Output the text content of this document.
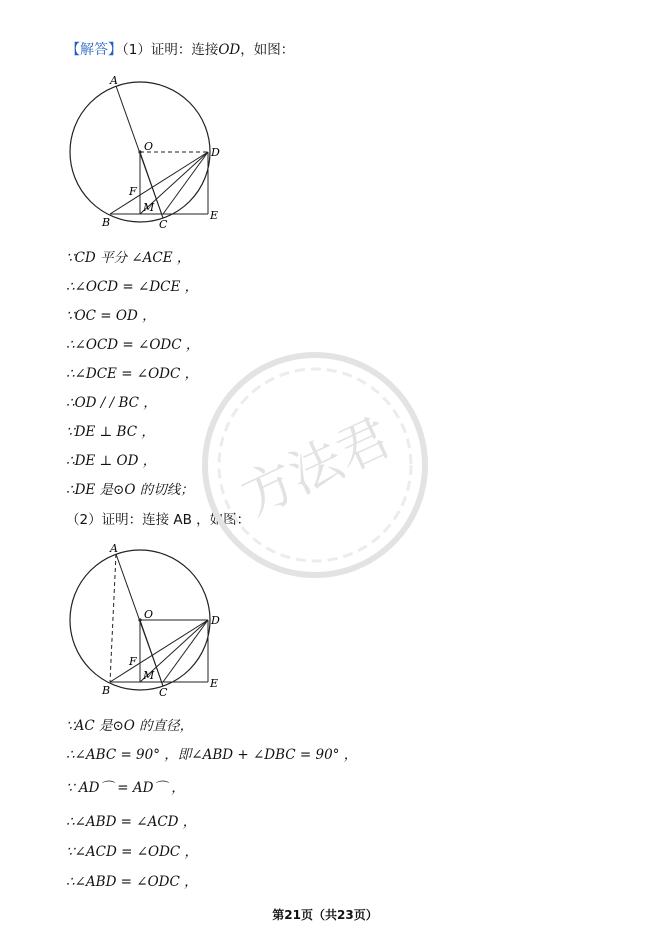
【解答】（1）证明：连接OD，如图：
A
O	D
F
B
M
C
E
∵CD 平分 ∠ACE ，
∴∠OCD = ∠DCE ，
∵OC = OD ，
∴∠OCD = ∠ODC ，
∴∠DCE = ∠ODC ，
∴OD / / BC ，
∵DE ⊥ BC ，
∴DE ⊥ OD ，
∴DE 是⊙O 的切线；
（2）证明：连接 AB ，如图：
A
O	D
F
B
M
C
E
∵AC 是⊙O 的直径，
∴∠ABC = 90° ，即∠ABD + ∠DBC = 90° ，
∵ AD⌒ = AD⌒ ，
∴∠ABD = ∠ACD ，
∵∠ACD = ∠ODC ，
∴∠ABD = ∠ODC ，
方法君
第21页（共23页）
